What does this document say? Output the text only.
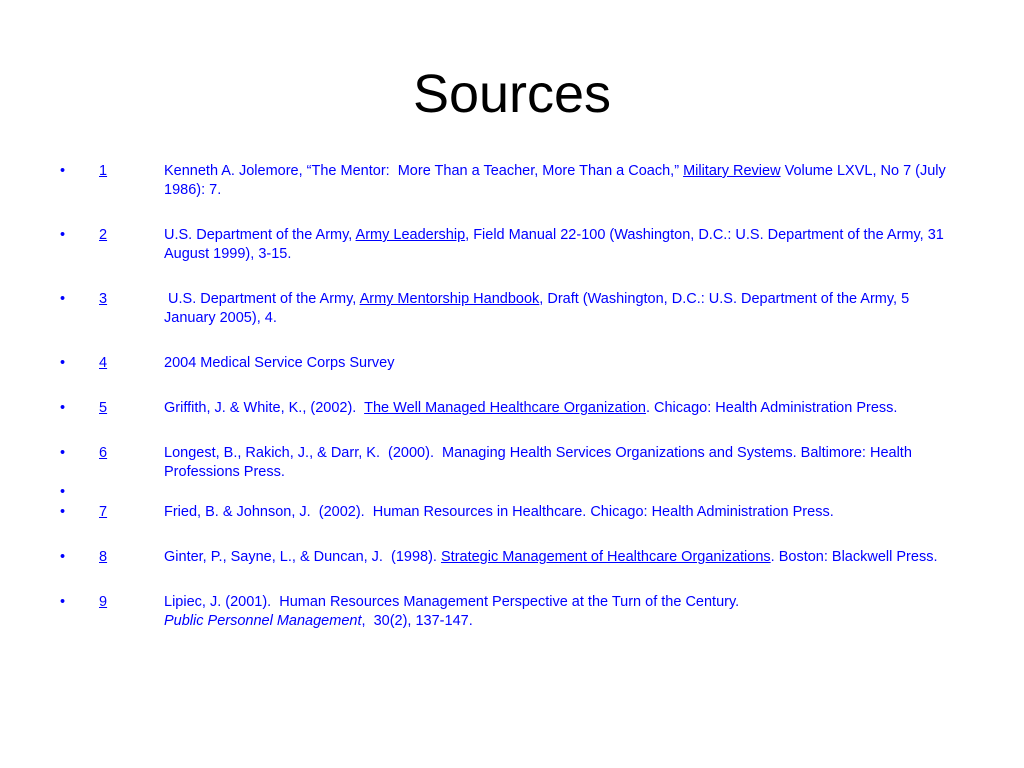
Sources
• 1	Kenneth A. Jolemore, “The Mentor:  More Than a Teacher, More Than a Coach,” Military Review Volume LXVL, No 7 (July 1986): 7.
• 2	U.S. Department of the Army, Army Leadership, Field Manual 22-100 (Washington, D.C.: U.S. Department of the Army, 31 August 1999), 3-15.
• 3	U.S. Department of the Army, Army Mentorship Handbook, Draft (Washington, D.C.: U.S. Department of the Army, 5 January 2005), 4.
• 4	2004 Medical Service Corps Survey
• 5	Griffith, J. & White, K., (2002).  The Well Managed Healthcare Organization. Chicago: Health Administration Press.
• 6	Longest, B., Rakich, J., & Darr, K.  (2000).  Managing Health Services Organizations and Systems. Baltimore: Health Professions Press.
•

• 7	Fried, B. & Johnson, J.  (2002).  Human Resources in Healthcare. Chicago: Health Administration Press.
• 8	Ginter, P., Sayne, L., & Duncan, J.  (1998). Strategic Management of Healthcare Organizations. Boston: Blackwell Press.
• 9	Lipiec, J. (2001).  Human Resources Management Perspective at the Turn of the Century.
Public Personnel Management,  30(2), 137-147.
